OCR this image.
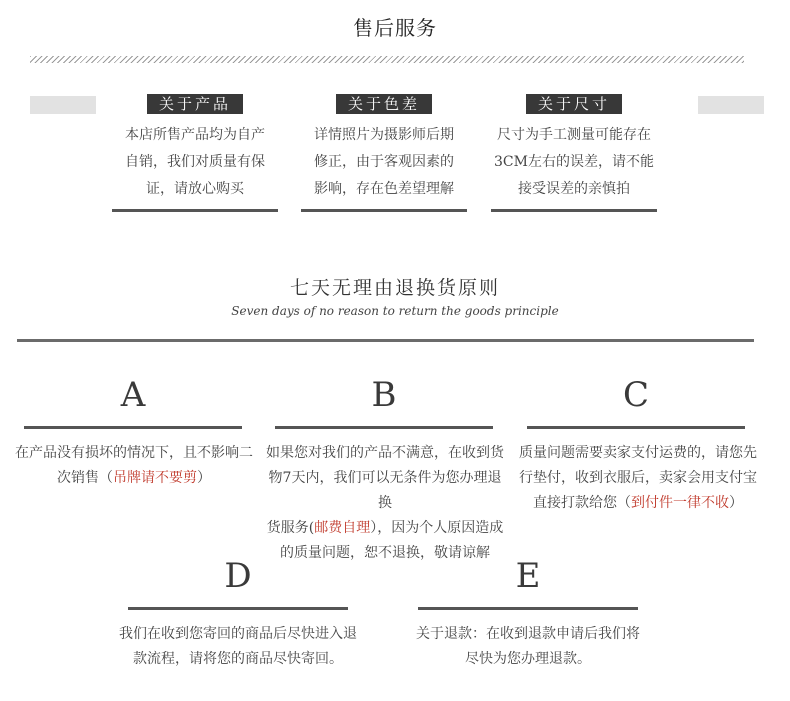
售后服务
关于产品
本店所售产品均为自产
自销，我们对质量有保
证，请放心购买
关于色差
详情照片为摄影师后期
修正，由于客观因素的
影响，存在色差望理解
关于尺寸
尺寸为手工测量可能存在
3CM左右的误差，请不能
接受误差的亲慎拍
七天无理由退换货原则
Seven days of no reason to return the goods principle
A
在产品没有损坏的情况下，且不影响二
次销售（吊牌请不要剪）
B
如果您对我们的产品不满意，在收到货
物7天内，我们可以无条件为您办理退换
货服务(邮费自理），因为个人原因造成
的质量问题，恕不退换，敬请谅解
C
质量问题需要卖家支付运费的，请您先
行垫付，收到衣服后，卖家会用支付宝
直接打款给您（到付件一律不收）
D
我们在收到您寄回的商品后尽快进入退
款流程，请将您的商品尽快寄回。
E
关于退款：在收到退款申请后我们将
尽快为您办理退款。
